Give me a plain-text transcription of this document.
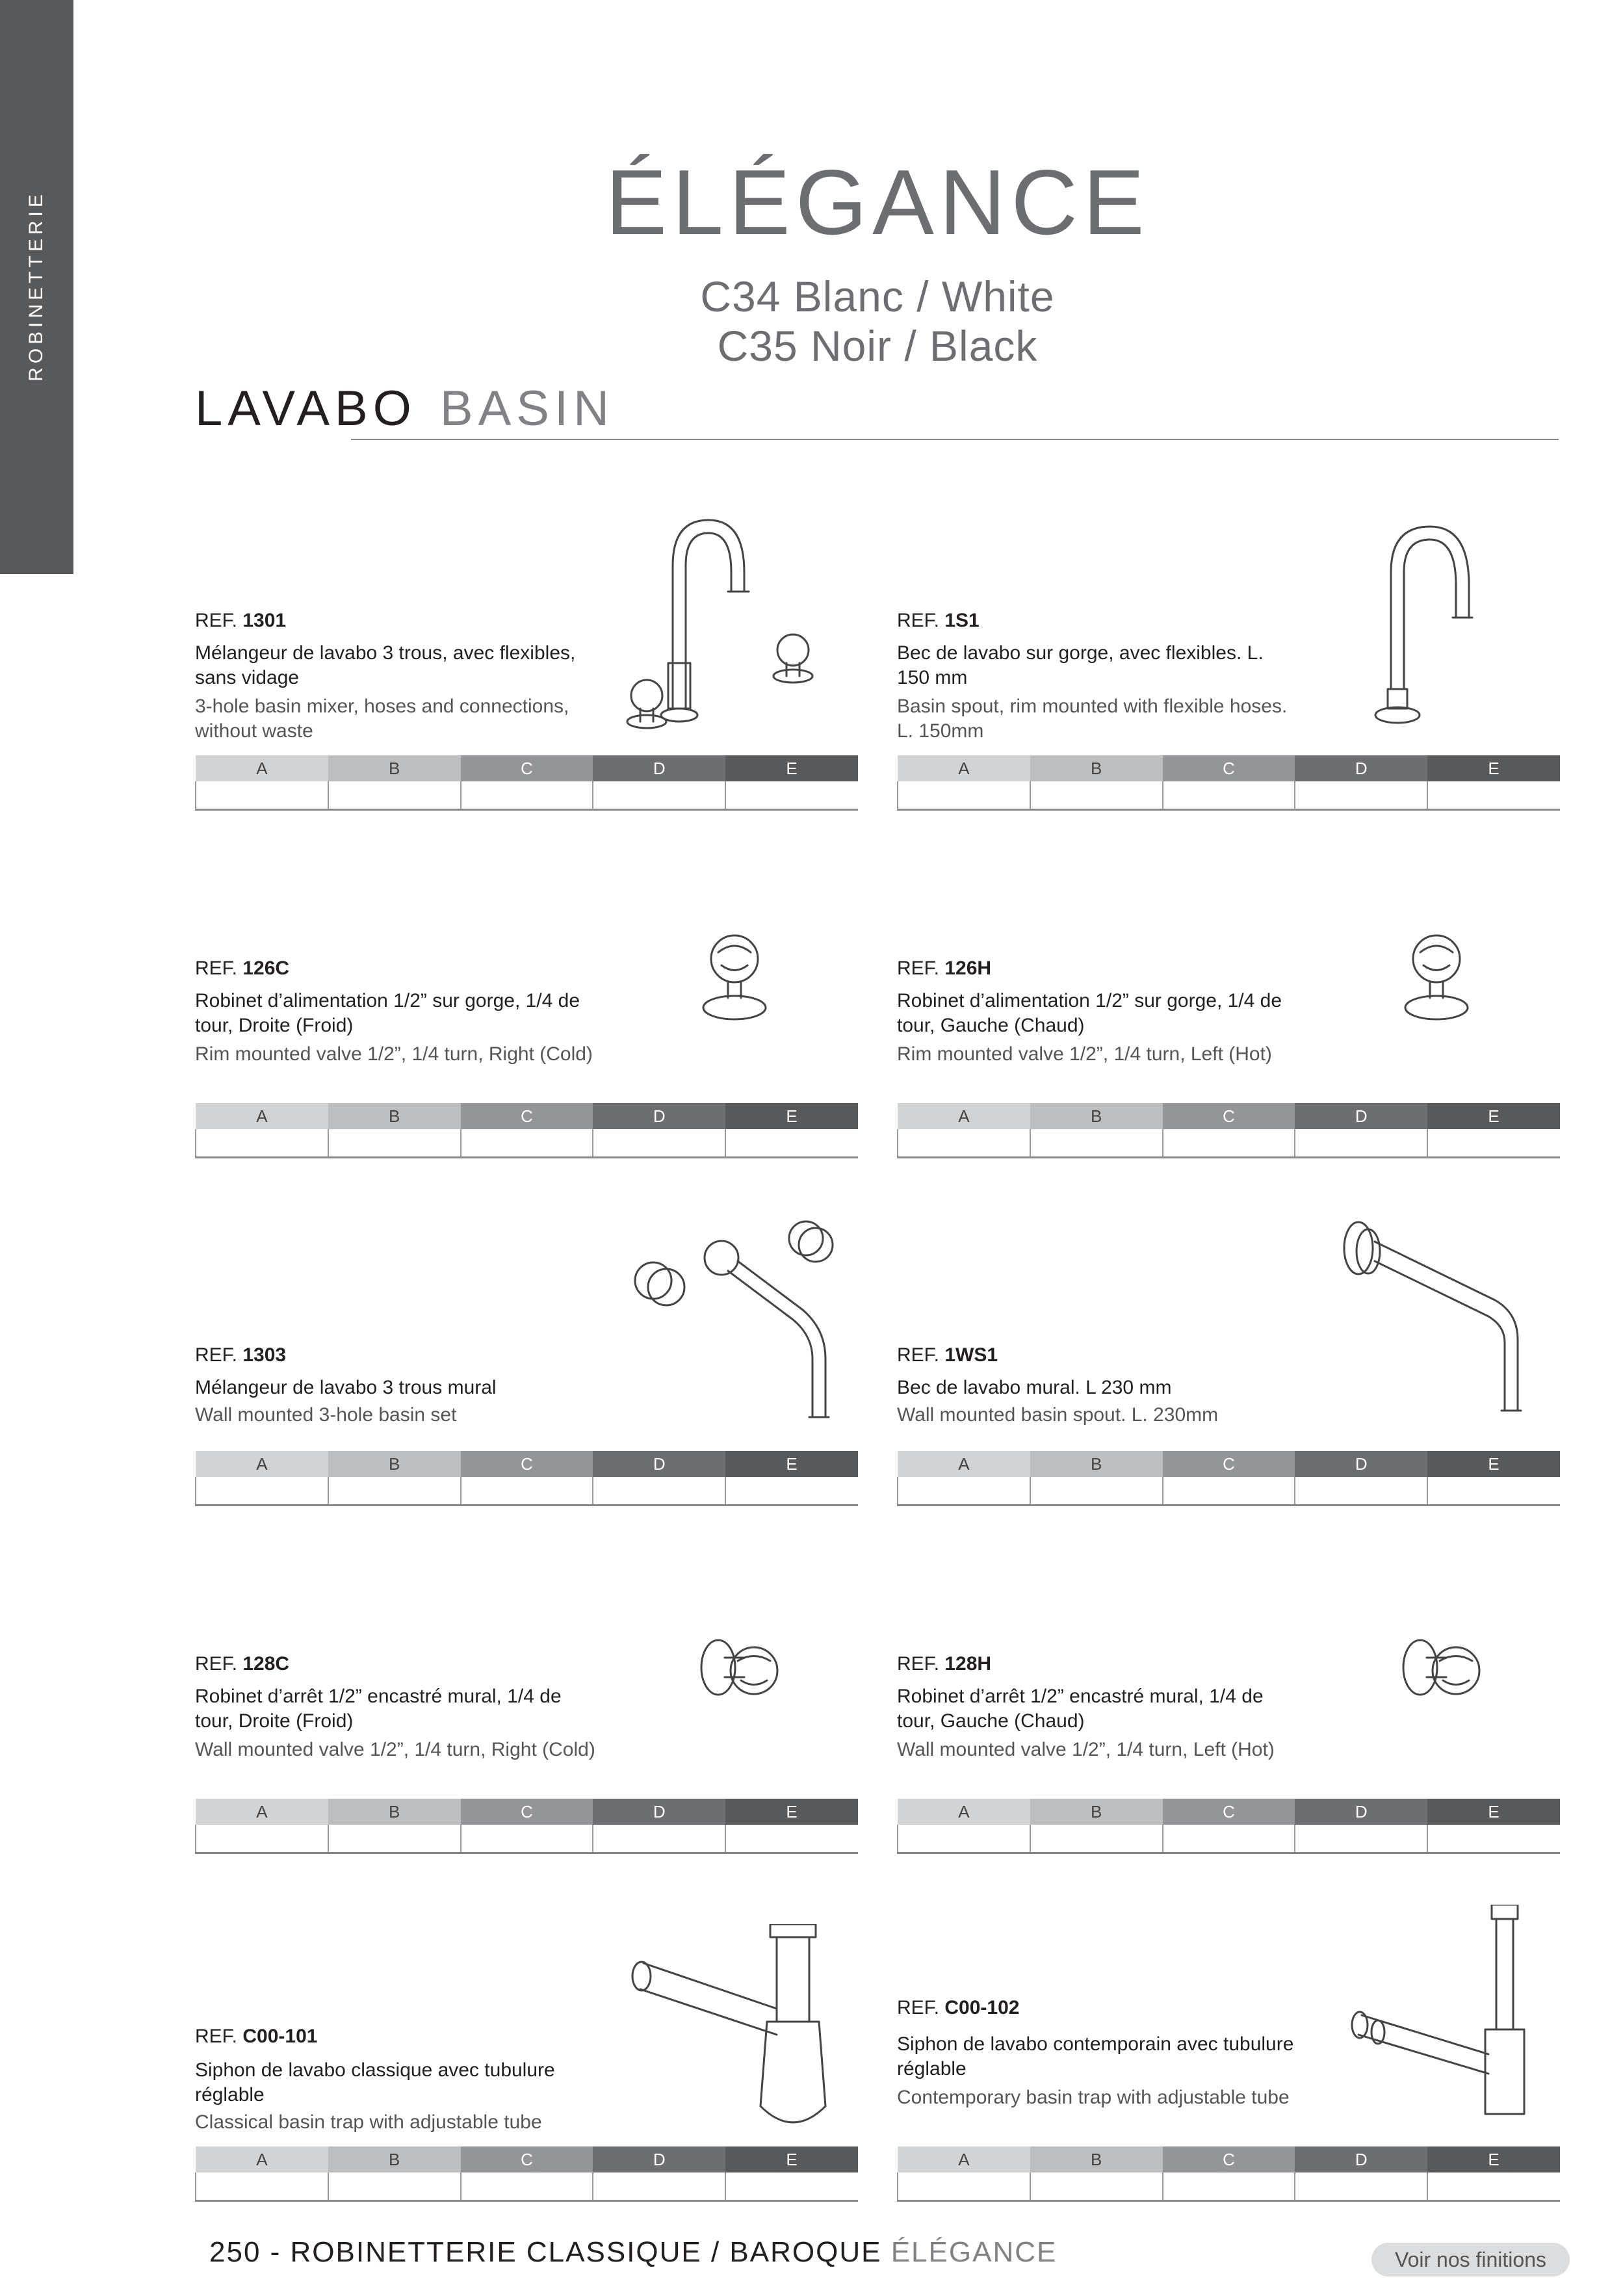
ROBINETTERIE	ÉLÉGANCE
C34 Blanc / White
C35 Noir / Black
LAVABO BASIN
REF. 1301
Mélangeur de lavabo 3 trous, avec flexibles, sans vidage
3-hole basin mixer, hoses and connections, without waste
A	B	C	D	E

REF. 1S1
Bec de lavabo sur gorge, avec flexibles. L. 150 mm
Basin spout, rim mounted with flexible hoses. L. 150mm
A	B	C	D	E

REF. 126C
Robinet d’alimentation 1/2” sur gorge, 1/4 de tour, Droite (Froid)
Rim mounted valve 1/2”, 1/4 turn, Right (Cold)
A	B	C	D	E

REF. 126H
Robinet d’alimentation 1/2” sur gorge, 1/4 de tour, Gauche (Chaud)
Rim mounted valve 1/2”, 1/4 turn, Left (Hot)
A	B	C	D	E

REF. 1303
Mélangeur de lavabo 3 trous mural
Wall mounted 3-hole basin set
A	B	C	D	E

REF. 1WS1
Bec de lavabo mural. L 230 mm
Wall mounted basin spout. L. 230mm
A	B	C	D	E

REF. 128C
Robinet d’arrêt 1/2” encastré mural, 1/4 de tour, Droite (Froid)
Wall mounted valve 1/2”, 1/4 turn, Right (Cold)
A	B	C	D	E

REF. 128H
Robinet d’arrêt 1/2” encastré mural, 1/4 de tour, Gauche (Chaud)
Wall mounted valve 1/2”, 1/4 turn, Left (Hot)
A	B	C	D	E

REF. C00-101
Siphon de lavabo classique avec tubulure réglable
Classical basin trap with adjustable tube
A	B	C	D	E

REF. C00-102
Siphon de lavabo contemporain avec tubulure réglable
Contemporary basin trap with adjustable tube
A	B	C	D	E

250 - ROBINETTERIE CLASSIQUE / BAROQUE ÉLÉGANCE	Voir nos finitions
